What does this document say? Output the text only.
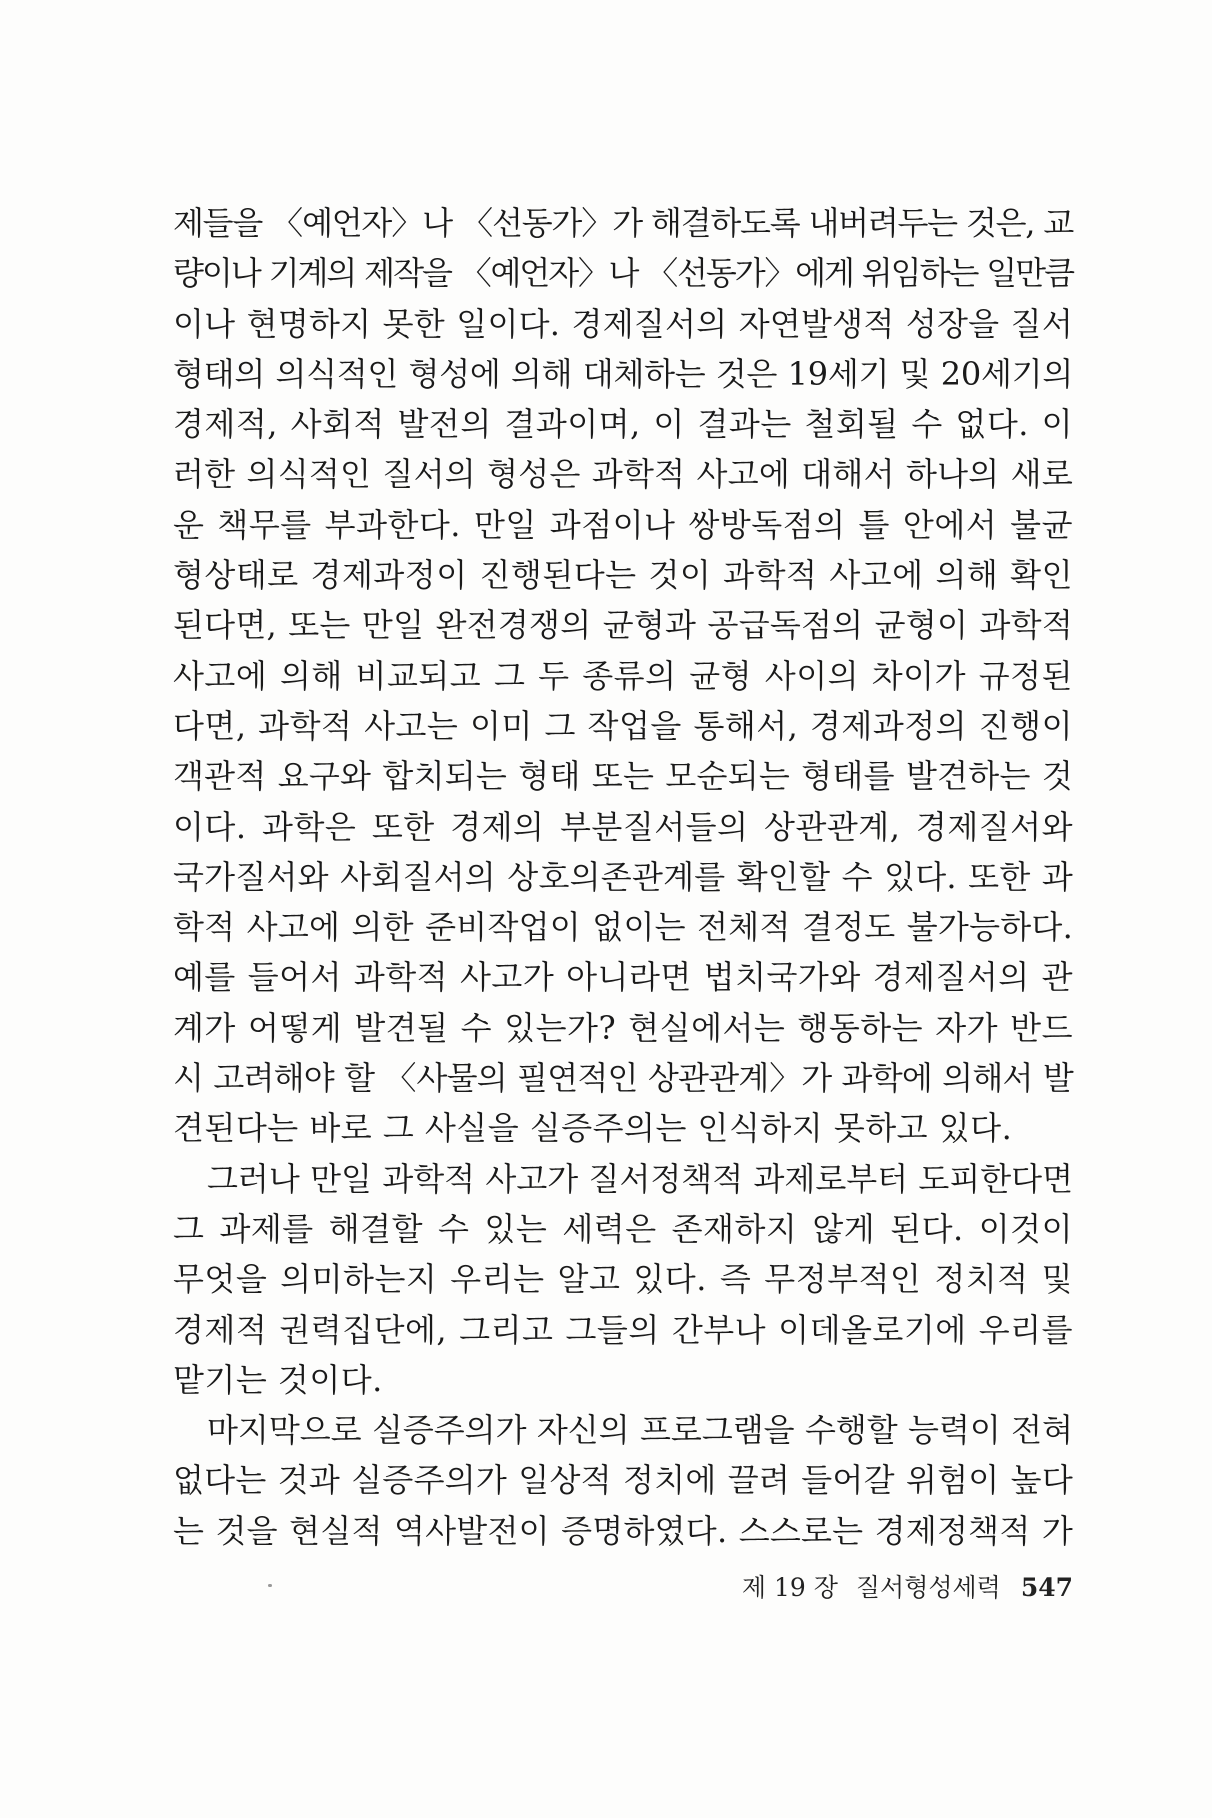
제들을 〈예언자〉나 〈선동가〉가 해결하도록 내버려두는 것은, 교
량이나 기계의 제작을 〈예언자〉나 〈선동가〉에게 위임하는 일만큼
이나 현명하지 못한 일이다. 경제질서의 자연발생적 성장을 질서
형태의 의식적인 형성에 의해 대체하는 것은 19세기 및 20세기의
경제적, 사회적 발전의 결과이며, 이 결과는 철회될 수 없다. 이
러한 의식적인 질서의 형성은 과학적 사고에 대해서 하나의 새로
운 책무를 부과한다. 만일 과점이나 쌍방독점의 틀 안에서 불균
형상태로 경제과정이 진행된다는 것이 과학적 사고에 의해 확인
된다면, 또는 만일 완전경쟁의 균형과 공급독점의 균형이 과학적
사고에 의해 비교되고 그 두 종류의 균형 사이의 차이가 규정된
다면, 과학적 사고는 이미 그 작업을 통해서, 경제과정의 진행이
객관적 요구와 합치되는 형태 또는 모순되는 형태를 발견하는 것
이다. 과학은 또한 경제의 부분질서들의 상관관계, 경제질서와
국가질서와 사회질서의 상호의존관계를 확인할 수 있다. 또한 과
학적 사고에 의한 준비작업이 없이는 전체적 결정도 불가능하다.
예를 들어서 과학적 사고가 아니라면 법치국가와 경제질서의 관
계가 어떻게 발견될 수 있는가? 현실에서는 행동하는 자가 반드
시 고려해야 할 〈사물의 필연적인 상관관계〉가 과학에 의해서 발
견된다는 바로 그 사실을 실증주의는 인식하지 못하고 있다.
그러나 만일 과학적 사고가 질서정책적 과제로부터 도피한다면
그 과제를 해결할 수 있는 세력은 존재하지 않게 된다. 이것이
무엇을 의미하는지 우리는 알고 있다. 즉 무정부적인 정치적 및
경제적 권력집단에, 그리고 그들의 간부나 이데올로기에 우리를
맡기는 것이다.
마지막으로 실증주의가 자신의 프로그램을 수행할 능력이 전혀
없다는 것과 실증주의가 일상적 정치에 끌려 들어갈 위험이 높다
는 것을 현실적 역사발전이 증명하였다. 스스로는 경제정책적 가
제 19 장 질서형성세력 547
